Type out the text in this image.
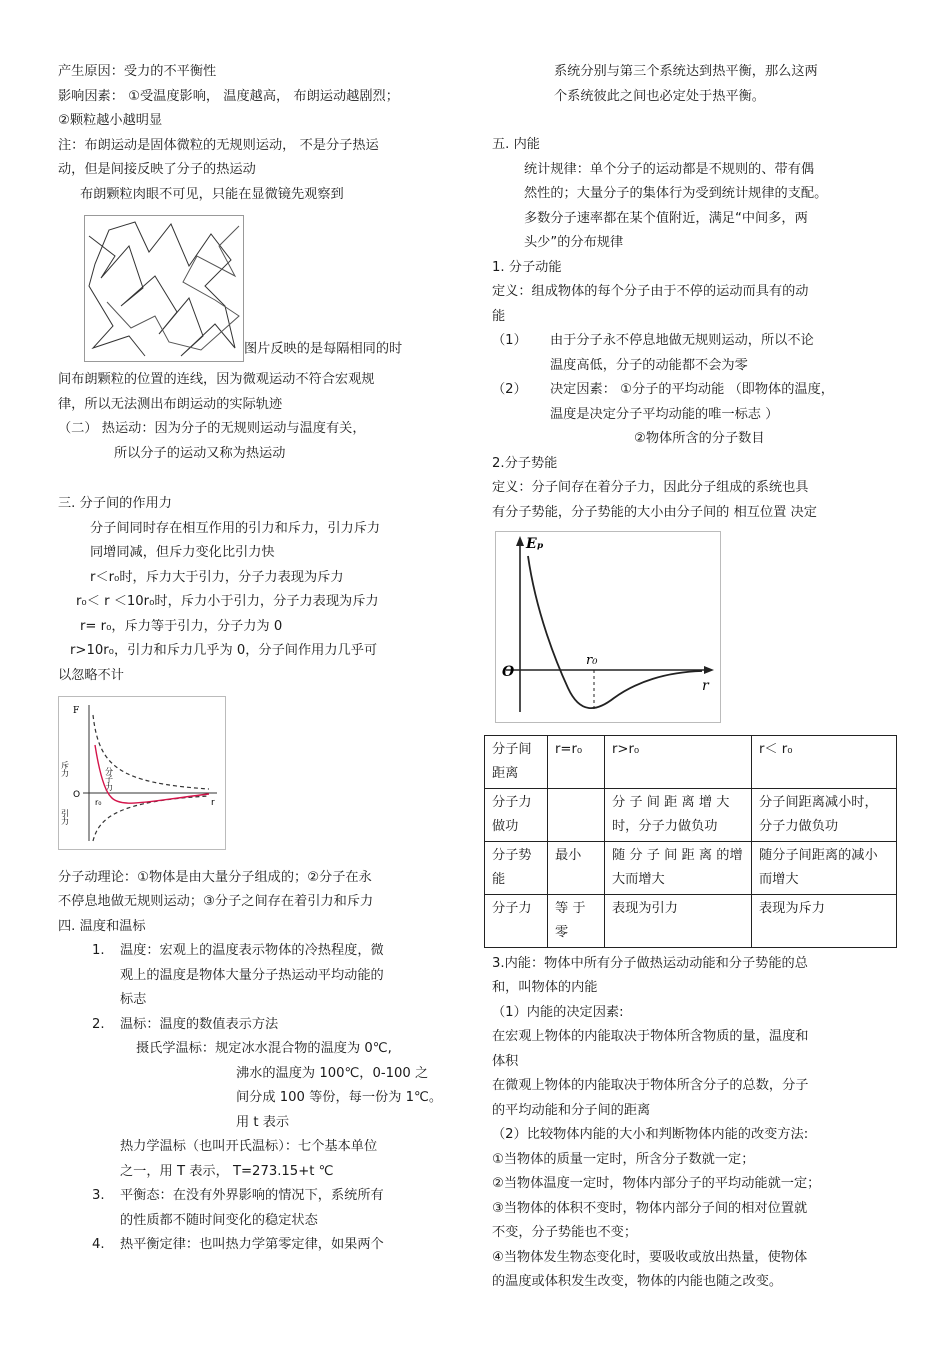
产生原因：受力的不平衡性

影响因素： ①受温度影响， 温度越高， 布朗运动越剧烈；

②颗粒越小越明显

注：布朗运动是固体微粒的无规则运动， 不是分子热运

动，但是间接反映了分子的热运动

布朗颗粒肉眼不可见，只能在显微镜先观察到

图片反映的是每隔相同的时

间布朗颗粒的位置的连线，因为微观运动不符合宏观规

律，所以无法测出布朗运动的实际轨迹

（二） 热运动：因为分子的无规则运动与温度有关，

所以分子的运动又称为热运动

三. 分子间的作用力

分子间同时存在相互作用的引力和斥力，引力斥力

同增同减，但斥力变化比引力快

r＜r₀时，斥力大于引力，分子力表现为斥力

r₀＜ r ＜10r₀时，斥力小于引力，分子力表现为斥力

r= r₀，斥力等于引力，分子力为 0

r>10r₀，引力和斥力几乎为 0，分子间作用力几乎可

以忽略不计

F
O
r
r₀
斥力
引力
分子力

分子动理论：①物体是由大量分子组成的；②分子在永

不停息地做无规则运动；③分子之间存在着引力和斥力

四. 温度和温标

1.	温度：宏观上的温度表示物体的冷热程度，微

观上的温度是物体大量分子热运动平均动能的

标志

2.	温标：温度的数值表示方法

摄氏学温标：规定冰水混合物的温度为 0℃,

沸水的温度为 100℃，0-100 之

间分成 100 等份，每一份为 1℃。

用 t 表示

热力学温标（也叫开氏温标）：七个基本单位

之一，用 T 表示， T=273.15+t ℃

3.	平衡态：在没有外界影响的情况下，系统所有

的性质都不随时间变化的稳定状态

4.	热平衡定律：也叫热力学第零定律，如果两个

系统分别与第三个系统达到热平衡，那么这两

个系统彼此之间也必定处于热平衡。

五. 内能

统计规律：单个分子的运动都是不规则的、带有偶

然性的；大量分子的集体行为受到统计规律的支配。

多数分子速率都在某个值附近，满足“中间多，两

头少”的分布规律

1. 分子动能

定义：组成物体的每个分子由于不停的运动而具有的动

能

（1）	由于分子永不停息地做无规则运动，所以不论

温度高低，分子的动能都不会为零

（2）	决定因素： ①分子的平均动能 （即物体的温度，

温度是决定分子平均动能的唯一标志 ）

②物体所含的分子数目

2.分子势能

定义：分子间存在着分子力，因此分子组成的系统也具

有分子势能，分子势能的大小由分子间的 相互位置 决定

Eₚ
O
r₀
r
分子间距离	r=r₀	r>r₀	r＜ r₀
分子力做功		分 子 间 距 离 增 大时，分子力做负功	分子间距离减小时，分子力做负功
分子势能	最小	随 分 子 间 距 离 的增大而增大	随分子间距离的减小而增大
分子力	等 于零	表现为引力	表现为斥力

3.内能：物体中所有分子做热运动动能和分子势能的总

和，叫物体的内能

（1）内能的决定因素:

在宏观上物体的内能取决于物体所含物质的量，温度和

体积

在微观上物体的内能取决于物体所含分子的总数，分子

的平均动能和分子间的距离

（2）比较物体内能的大小和判断物体内能的改变方法:

①当物体的质量一定时，所含分子数就一定；

②当物体温度一定时，物体内部分子的平均动能就一定；

③当物体的体积不变时，物体内部分子间的相对位置就

不变，分子势能也不变；

④当物体发生物态变化时，要吸收或放出热量，使物体

的温度或体积发生改变，物体的内能也随之改变。
